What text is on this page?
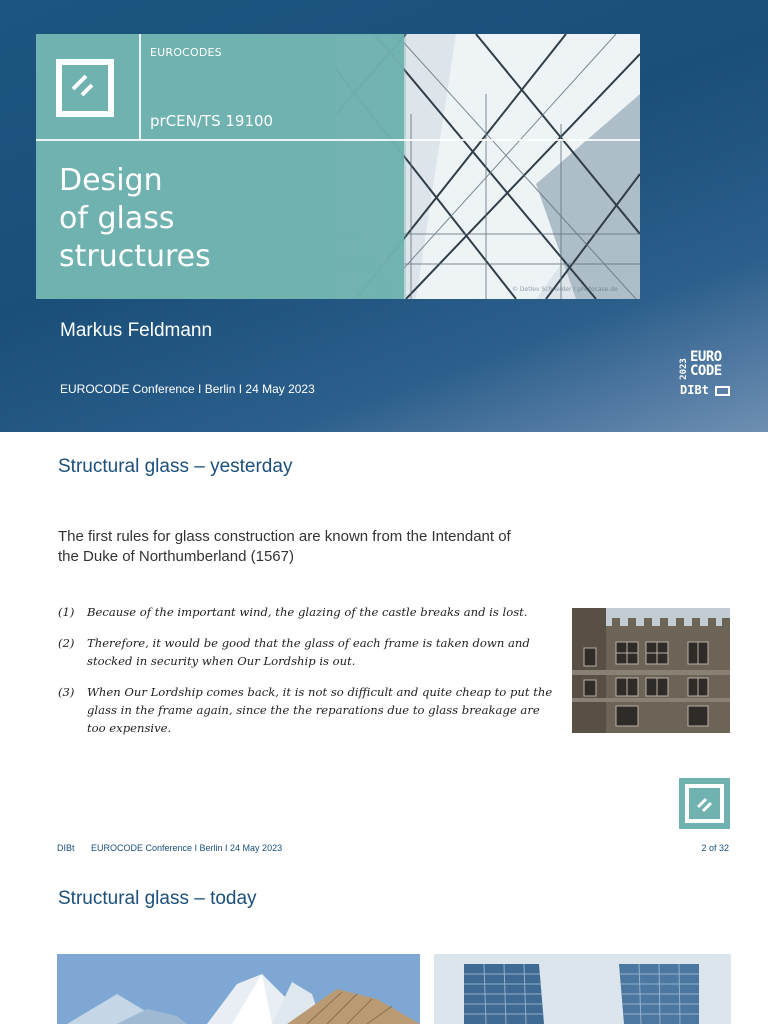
EUROCODES
prCEN/TS 19100
Design
of glass
structures
© Detlev Schneider / photocase.de
Markus Feldmann
EUROCODE Conference I Berlin I 24 May 2023
2023
EURO
CODE
DIBt
Structural glass – yesterday
The first rules for glass construction are known from the Intendant of the Duke of Northumberland (1567)
(1) Because of the important wind, the glazing of the castle breaks and is lost.
(2) Therefore, it would be good that the glass of each frame is taken down and stocked in security when Our Lordship is out.
(3) When Our Lordship comes back, it is not so difficult and quite cheap to put the glass in the frame again, since the the reparations due to glass breakage are too expensive.
DIBt EUROCODE Conference I Berlin I 24 May 2023	2 of 32
Structural glass – today
